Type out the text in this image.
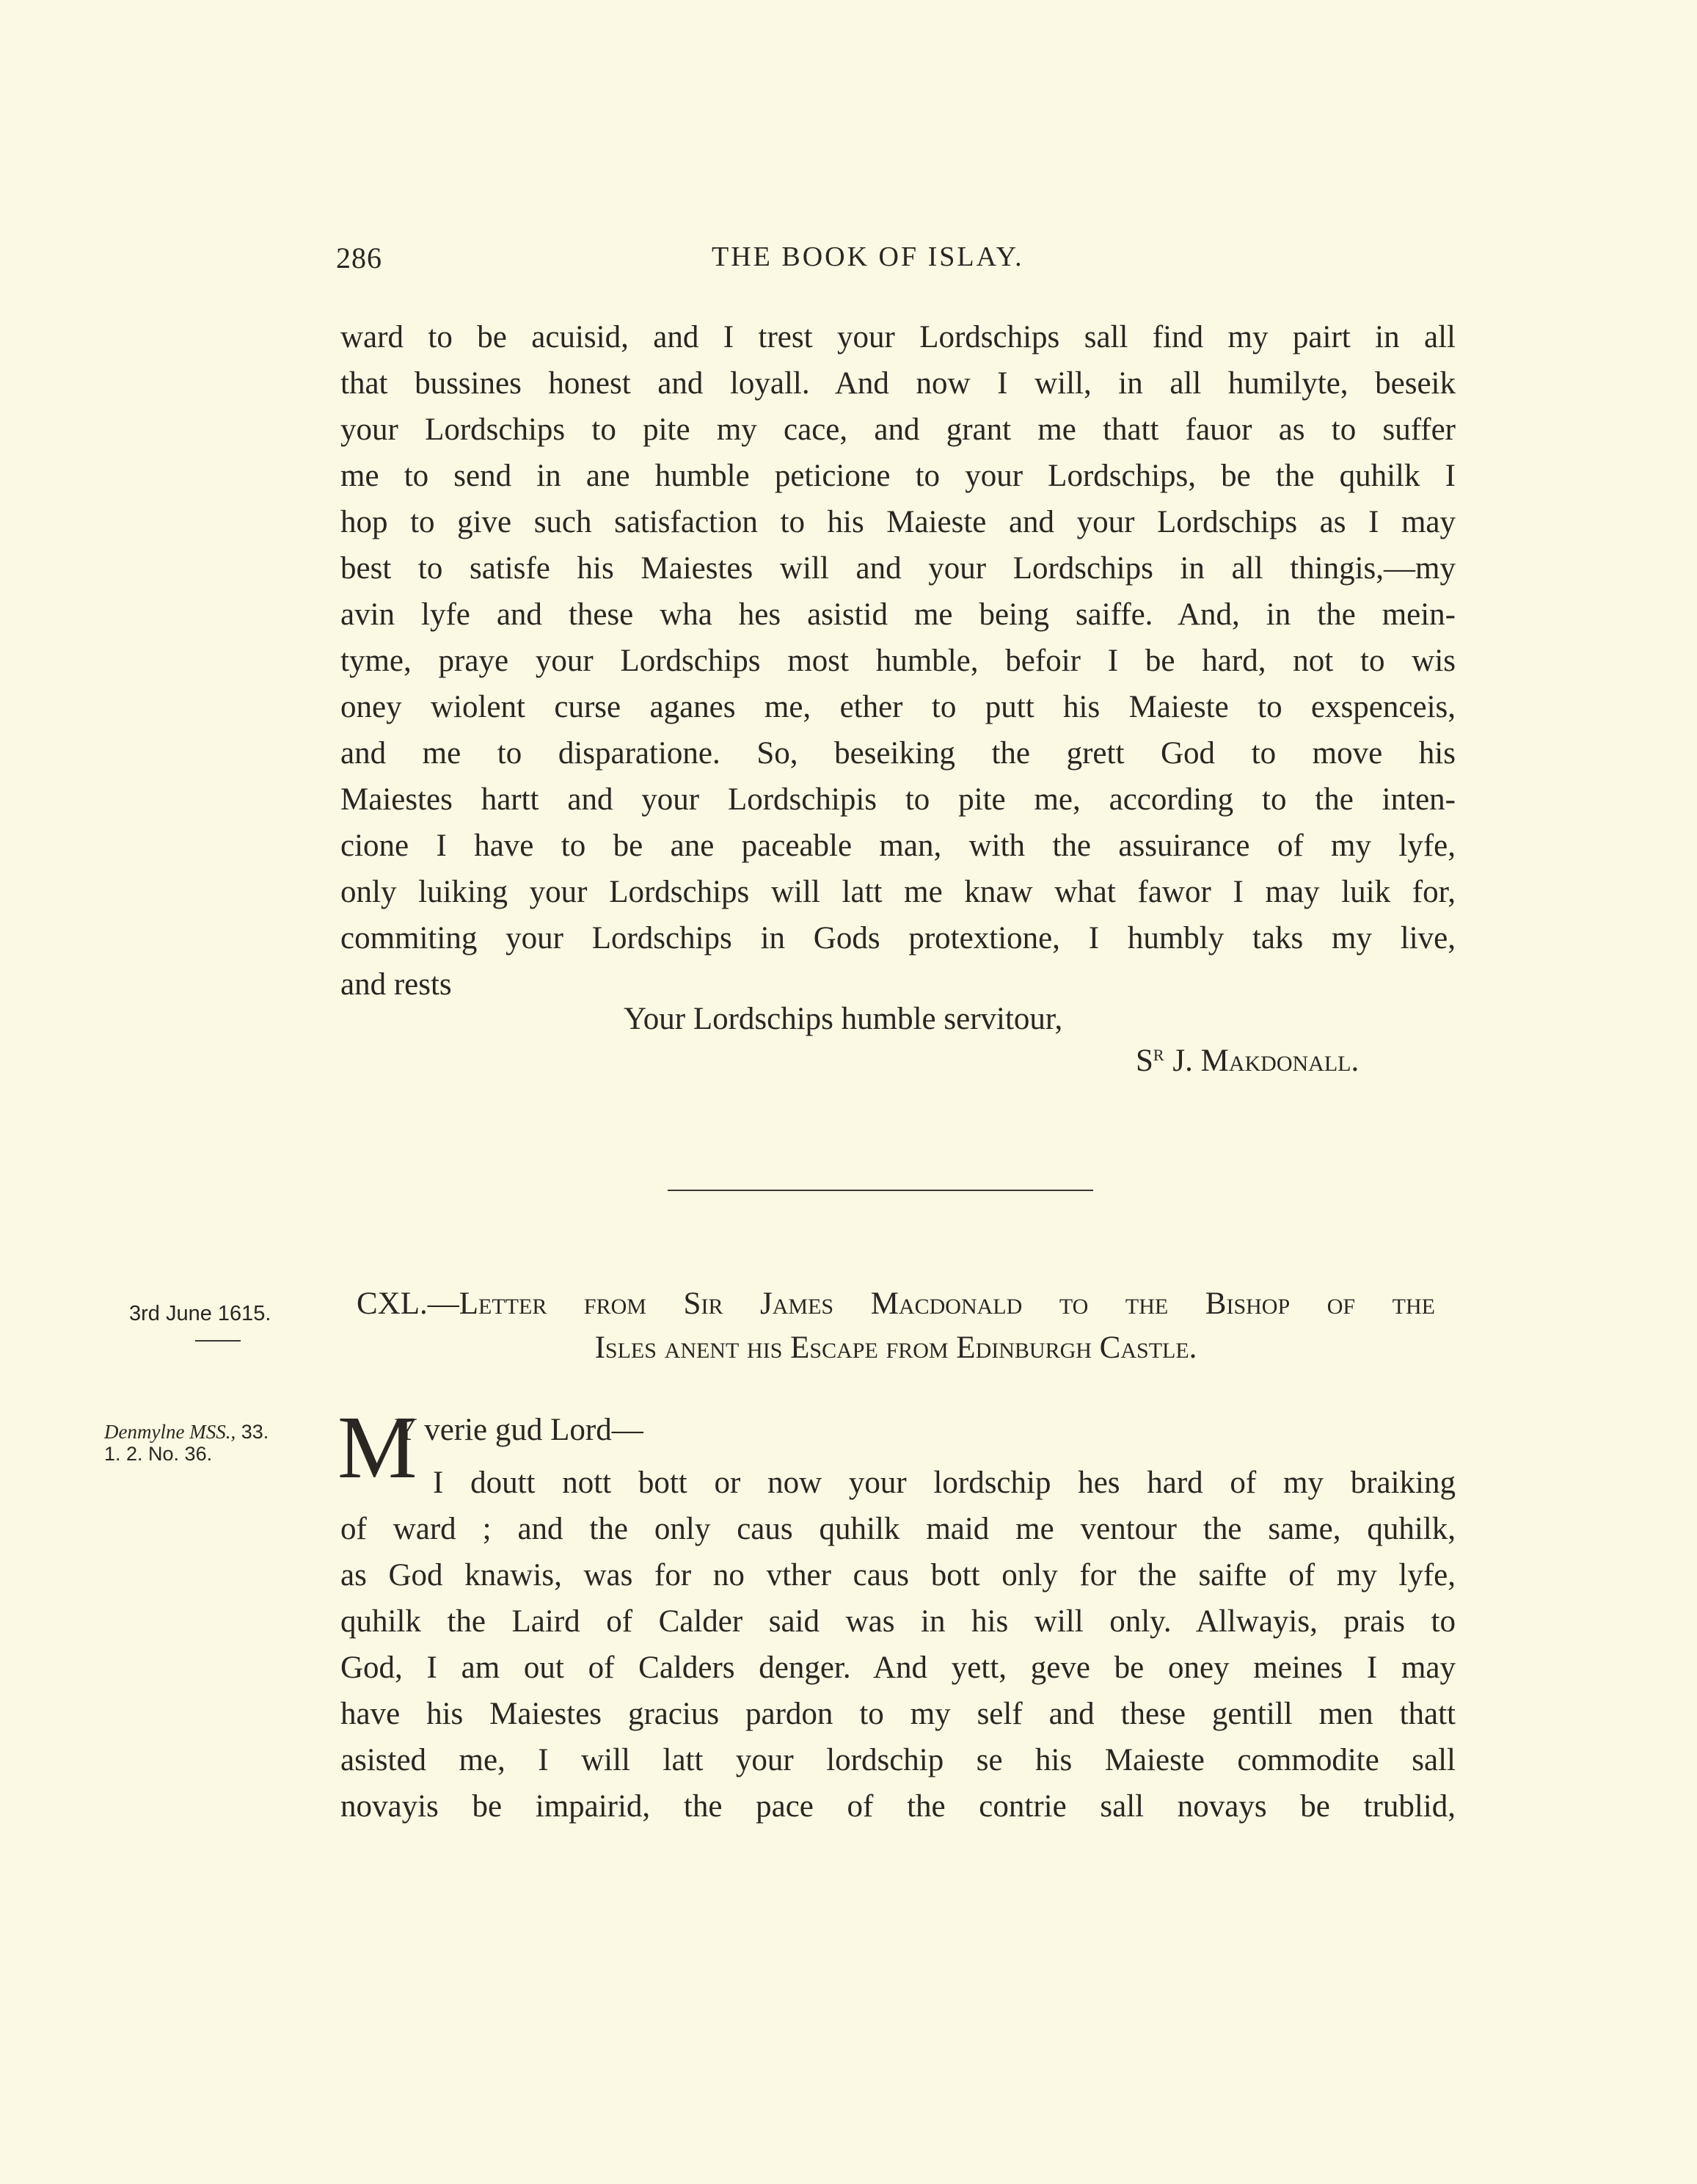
286	THE BOOK OF ISLAY.
ward to be acuisid, and I trest your Lordschips sall find my pairt in all
that bussines honest and loyall. And now I will, in all humilyte, beseik
your Lordschips to pite my cace, and grant me thatt fauor as to suffer
me to send in ane humble peticione to your Lordschips, be the quhilk I
hop to give such satisfaction to his Maieste and your Lordschips as I may
best to satisfe his Maiestes will and your Lordschips in all thingis,—my
avin lyfe and these wha hes asistid me being saiffe. And, in the mein-
tyme, praye your Lordschips most humble, befoir I be hard, not to wis
oney wiolent curse aganes me, ether to putt his Maieste to exspenceis,
and me to disparatione. So, beseiking the grett God to move his
Maiestes hartt and your Lordschipis to pite me, according to the inten-
cione I have to be ane paceable man, with the assuirance of my lyfe,
only luiking your Lordschips will latt me knaw what fawor I may luik for,
commiting your Lordschips in Gods protextione, I humbly taks my live,
and rests
Your Lordschips humble servitour,
$S^R$ J. Makdonall.
3rd June 1615.	CXL.—Letter from Sir James Macdonald to the Bishop of the
Isles anent his Escape from Edinburgh Castle.
Denmylne MSS., 33.
1. 2. No. 36.	M
Y verie gud Lord—
I doutt nott bott or now your lordschip hes hard of my braiking
of ward ; and the only caus quhilk maid me ventour the same, quhilk,
as God knawis, was for no vther caus bott only for the saifte of my lyfe,
quhilk the Laird of Calder said was in his will only. Allwayis, prais to
God, I am out of Calders denger. And yett, geve be oney meines I may
have his Maiestes gracius pardon to my self and these gentill men thatt
asisted me, I will latt your lordschip se his Maieste commodite sall
novayis be impairid, the pace of the contrie sall novays be trublid,
